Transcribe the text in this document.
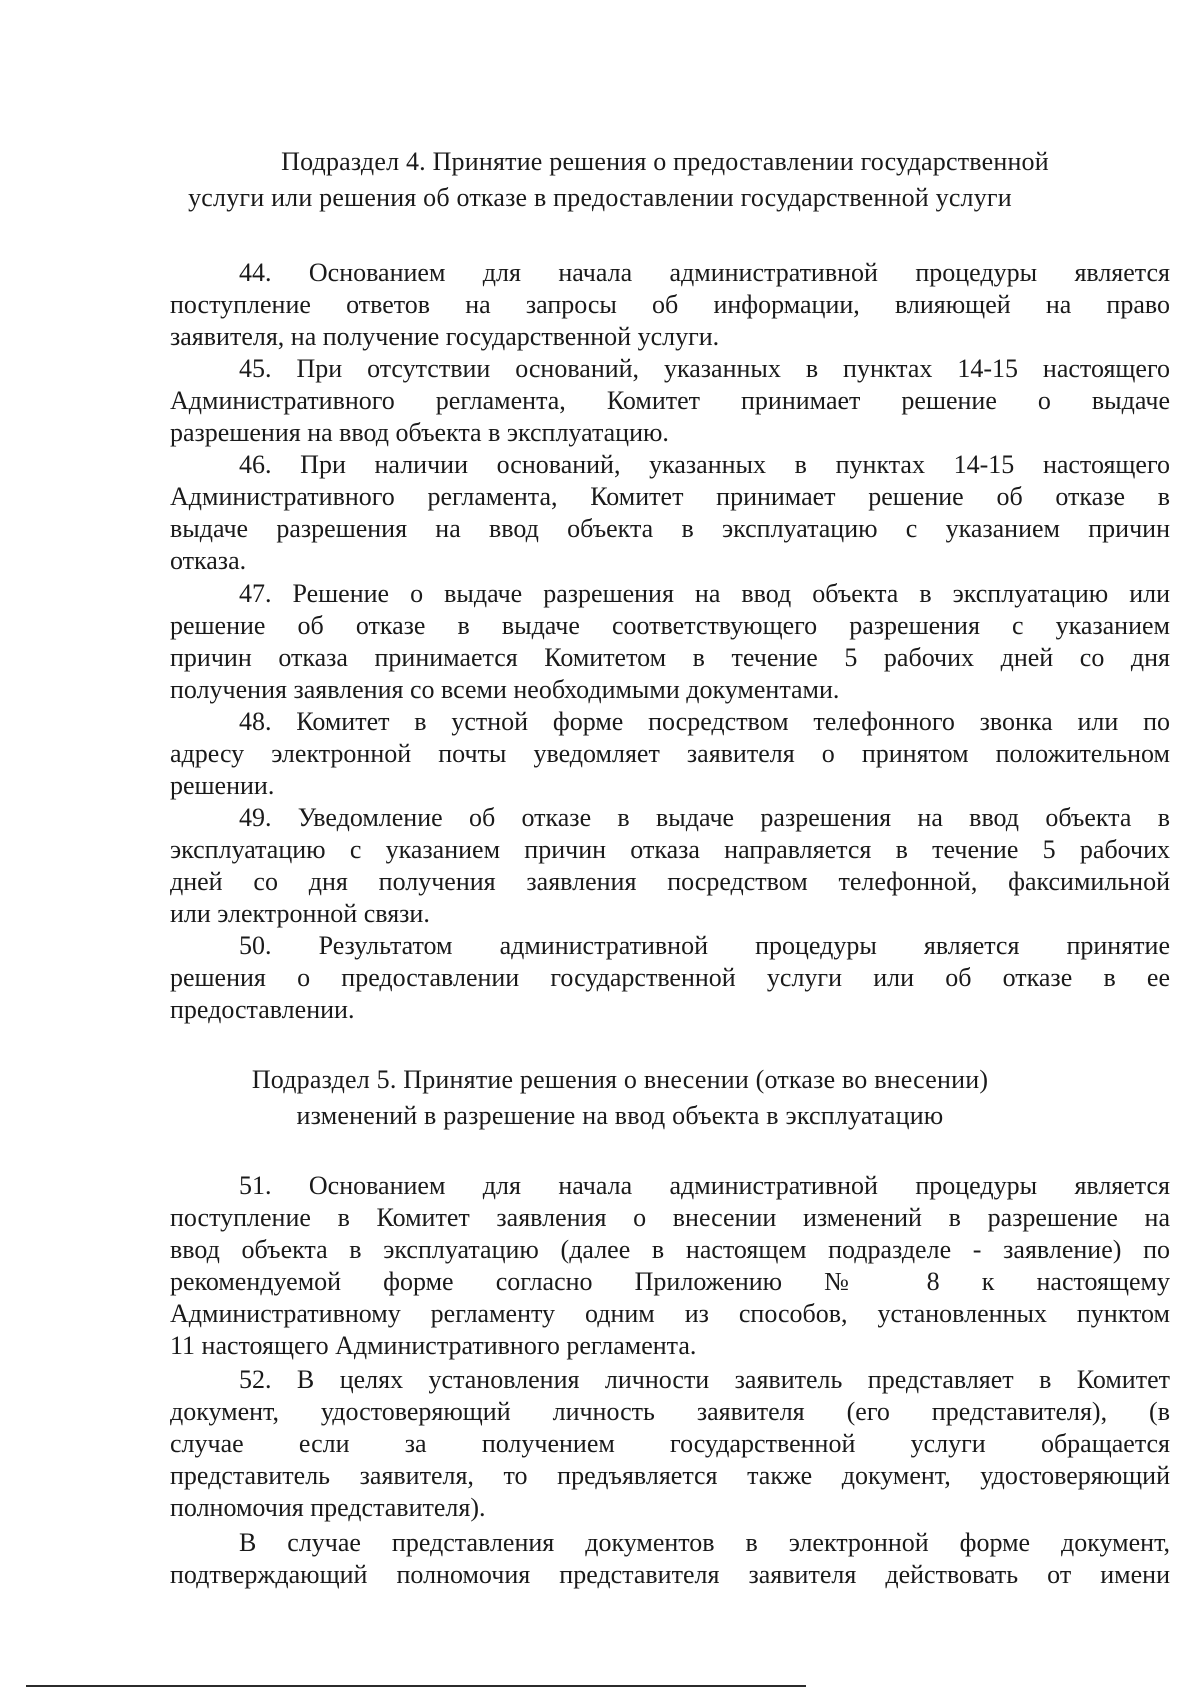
Подраздел 4. Принятие решения о предоставлении государственной
услуги или решения об отказе в предоставлении государственной услуги
44. Основанием для начала административной процедуры является
поступление ответов на запросы об информации, влияющей на право
заявителя, на получение государственной услуги.
45. При отсутствии оснований, указанных в пунктах 14-15 настоящего
Административного регламента, Комитет принимает решение о выдаче
разрешения на ввод объекта в эксплуатацию.
46. При наличии оснований, указанных в пунктах 14-15 настоящего
Административного регламента, Комитет принимает решение об отказе в
выдаче разрешения на ввод объекта в эксплуатацию с указанием причин
отказа.
47. Решение о выдаче разрешения на ввод объекта в эксплуатацию или
решение об отказе в выдаче соответствующего разрешения с указанием
причин отказа принимается Комитетом в течение 5 рабочих дней со дня
получения заявления со всеми необходимыми документами.
48. Комитет в устной форме посредством телефонного звонка или по
адресу электронной почты уведомляет заявителя о принятом положительном
решении.
49. Уведомление об отказе в выдаче разрешения на ввод объекта в
эксплуатацию с указанием причин отказа направляется в течение 5 рабочих
дней со дня получения заявления посредством телефонной, факсимильной
или электронной связи.
50. Результатом административной процедуры является принятие
решения о предоставлении государственной услуги или об отказе в ее
предоставлении.
Подраздел 5. Принятие решения о внесении (отказе во внесении)
изменений в разрешение на ввод объекта в эксплуатацию
51. Основанием для начала административной процедуры является
поступление в Комитет заявления о внесении изменений в разрешение на
ввод объекта в эксплуатацию (далее в настоящем подразделе - заявление) по
рекомендуемой форме согласно Приложению № 8 к настоящему
Административному регламенту одним из способов, установленных пунктом
11 настоящего Административного регламента.
52. В целях установления личности заявитель представляет в Комитет
документ, удостоверяющий личность заявителя (его представителя), (в
случае если за получением государственной услуги обращается
представитель заявителя, то предъявляется также документ, удостоверяющий
полномочия представителя).
В случае представления документов в электронной форме документ,
подтверждающий полномочия представителя заявителя действовать от имени
